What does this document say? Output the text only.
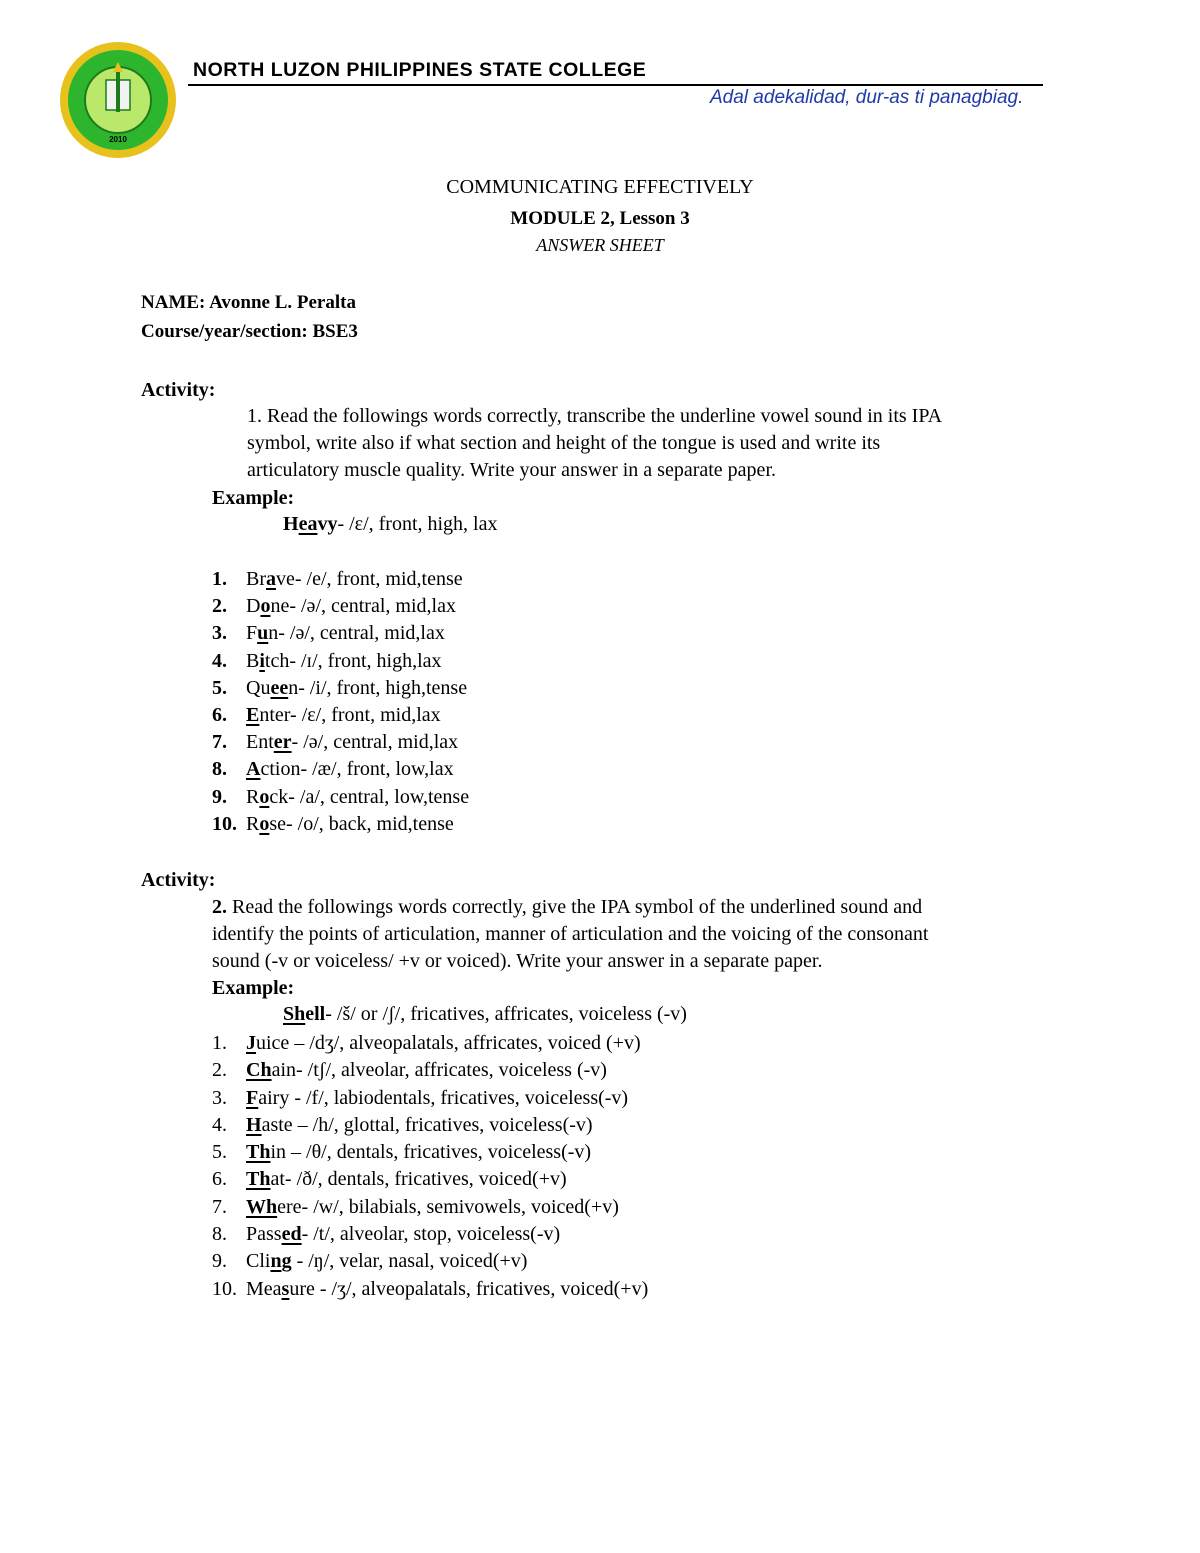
2010
NORTH LUZON PHILIPPINES STATE COLLEGE
Adal adekalidad, dur-as ti panagbiag.
COMMUNICATING EFFECTIVELY
MODULE 2, Lesson 3
ANSWER SHEET
NAME: Avonne L. Peralta
Course/year/section: BSE3
Activity:
1. Read the followings words correctly, transcribe the underline vowel sound in its IPA
symbol, write also if what section and height of the tongue is used and write its
articulatory muscle quality. Write your answer in a separate paper.
Example:
Heavy- /ɛ/, front, high, lax
1. Brave- /e/, front, mid,tense
2. Done- /ə/, central, mid,lax
3. Fun- /ə/, central, mid,lax
4. Bitch- /ɪ/, front, high,lax
5. Queen- /i/, front, high,tense
6. Enter- /ɛ/, front, mid,lax
7. Enter- /ə/, central, mid,lax
8. Action- /æ/, front, low,lax
9. Rock- /a/, central, low,tense
10. Rose- /o/, back, mid,tense
Activity:
2. Read the followings words correctly, give the IPA symbol of the underlined sound and
identify the points of articulation, manner of articulation and the voicing of the consonant
sound (-v or voiceless/ +v or voiced). Write your answer in a separate paper.
Example:
Shell- /š/ or /ʃ/, fricatives, affricates, voiceless (-v)
1. Juice – /dʒ/, alveopalatals, affricates, voiced (+v)
2. Chain- /tʃ/, alveolar, affricates, voiceless (-v)
3. Fairy - /f/, labiodentals, fricatives, voiceless(-v)
4. Haste – /h/, glottal, fricatives, voiceless(-v)
5. Thin – /θ/, dentals, fricatives, voiceless(-v)
6. That- /ð/, dentals, fricatives, voiced(+v)
7. Where- /w/, bilabials, semivowels, voiced(+v)
8. Passed- /t/, alveolar, stop, voiceless(-v)
9. Cling - /ŋ/, velar, nasal, voiced(+v)
10. Measure - /ʒ/, alveopalatals, fricatives, voiced(+v)
